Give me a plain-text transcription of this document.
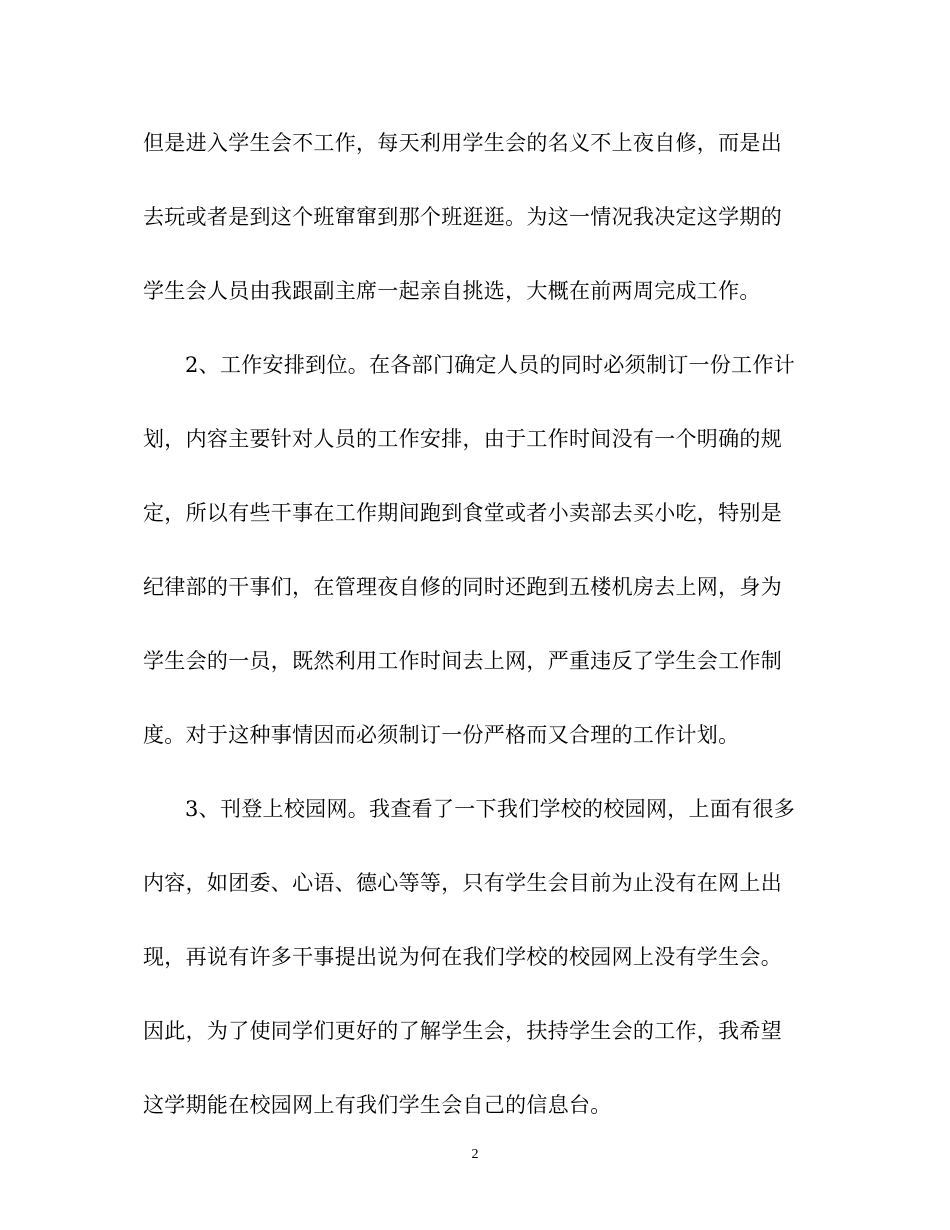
但是进入学生会不工作，每天利用学生会的名义不上夜自修，而是出
去玩或者是到这个班窜窜到那个班逛逛。为这一情况我决定这学期的
学生会人员由我跟副主席一起亲自挑选，大概在前两周完成工作。
2、工作安排到位。在各部门确定人员的同时必须制订一份工作计
划，内容主要针对人员的工作安排，由于工作时间没有一个明确的规
定，所以有些干事在工作期间跑到食堂或者小卖部去买小吃，特别是
纪律部的干事们，在管理夜自修的同时还跑到五楼机房去上网，身为
学生会的一员，既然利用工作时间去上网，严重违反了学生会工作制
度。对于这种事情因而必须制订一份严格而又合理的工作计划。
3、刊登上校园网。我查看了一下我们学校的校园网，上面有很多
内容，如团委、心语、德心等等，只有学生会目前为止没有在网上出
现，再说有许多干事提出说为何在我们学校的校园网上没有学生会。
因此，为了使同学们更好的了解学生会，扶持学生会的工作，我希望
这学期能在校园网上有我们学生会自己的信息台。
2
